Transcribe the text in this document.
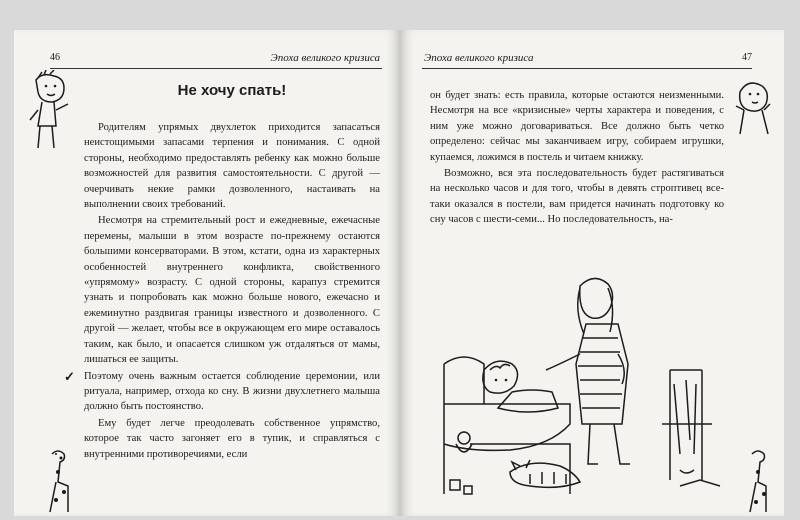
46	Эпоха великого кризиса
Не хочу спать!

Родителям упрямых двухлеток приходится запасаться неистощимыми запасами терпения и понимания. С одной стороны, необходимо предоставлять ребенку как можно больше возможностей для развития самостоятельности. С другой — очерчивать некие рамки дозволенного, настаивать на выполнении своих требований.

Несмотря на стремительный рост и ежедневные, ежечасные перемены, малыши в этом возрасте по-прежнему остаются большими консерваторами. В этом, кстати, одна из характерных особенностей внутреннего конфликта, свойственного «упрямому» возрасту. С одной стороны, карапуз стремится узнать и попробовать как можно больше нового, ежечасно и ежеминутно раздвигая границы известного и дозволенного. С другой — желает, чтобы все в окружающем его мире оставалось таким, как было, и опасается слишком уж отдаляться от мамы, лишаться ее защиты.

✓ Поэтому очень важным остается соблюдение церемонии, или ритуала, например, отхода ко сну. В жизни двухлетнего малыша должно быть постоянство.

Ему будет легче преодолевать собственное упрямство, которое так часто загоняет его в тупик, и справляться с внутренними противоречиями, если

Эпоха великого кризиса	47

он будет знать: есть правила, которые остаются неизменными. Несмотря на все «кризисные» черты характера и поведения, с ним уже можно договариваться. Все должно быть четко определено: сейчас мы заканчиваем игру, собираем игрушки, купаемся, ложимся в постель и читаем книжку.

Возможно, вся эта последовательность будет растягиваться на несколько часов и для того, чтобы в девять строптивец все-таки оказался в постели, вам придется начинать подготовку ко сну часов с шести-семи... Но последовательность, на-
